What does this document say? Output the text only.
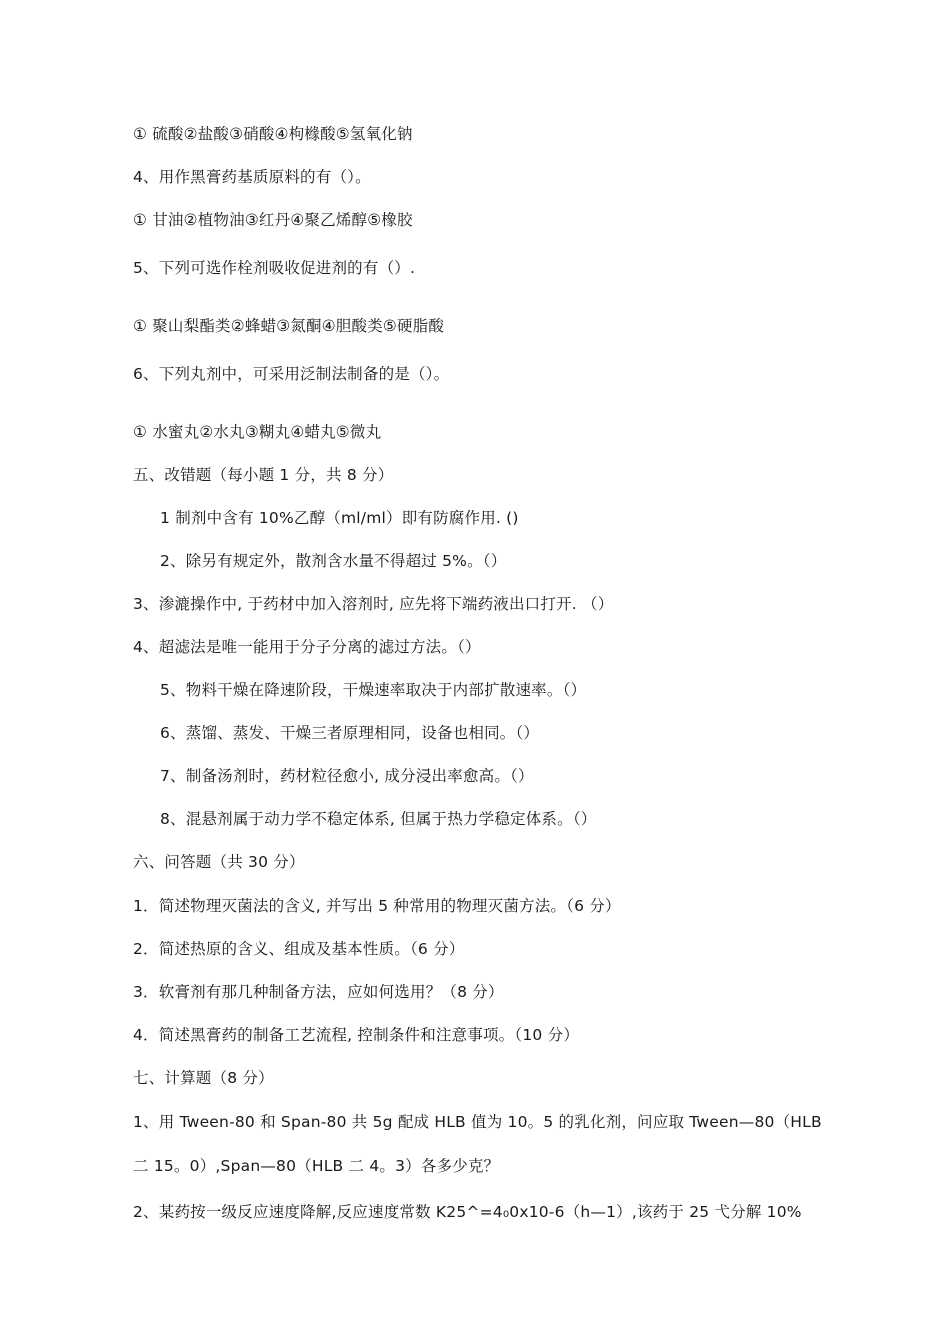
① 硫酸②盐酸③硝酸④枸橼酸⑤氢氧化钠
4、用作黑膏药基质原料的有（）。
① 甘油②植物油③红丹④聚乙烯醇⑤橡胶
5、下列可选作栓剂吸收促进剂的有（）.
① 聚山梨酯类②蜂蜡③氮酮④胆酸类⑤硬脂酸
6、下列丸剂中，可采用泛制法制备的是（）。
① 水蜜丸②水丸③糊丸④蜡丸⑤微丸
五、改错题（每小题 1 分，共 8 分）
1 制剂中含有 10%乙醇（ml/ml）即有防腐作用. ()
2、除另有规定外，散剂含水量不得超过 5%。（）
3、渗漉操作中, 于药材中加入溶剂时, 应先将下端药液出口打开. （）
4、超滤法是唯一能用于分子分离的滤过方法。（）
5、物料干燥在降速阶段，干燥速率取决于内部扩散速率。（）
6、蒸馏、蒸发、干燥三者原理相同，设备也相同。（）
7、制备汤剂时，药材粒径愈小, 成分浸出率愈高。（）
8、混悬剂属于动力学不稳定体系, 但属于热力学稳定体系。（）
六、问答题（共 30 分）
1．简述物理灭菌法的含义, 并写出 5 种常用的物理灭菌方法。（6 分）
2．简述热原的含义、组成及基本性质。（6 分）
3．软膏剂有那几种制备方法，应如何选用？（8 分）
4．简述黑膏药的制备工艺流程, 控制条件和注意事项。（10 分）
七、计算题（8 分）
1、用 Tween-80 和 Span-80 共 5g 配成 HLB 值为 10。5 的乳化剂，问应取 Tween—80（HLB
二 15。0）,Span—80（HLB 二 4。3）各多少克？
2、某药按一级反应速度降解,反应速度常数 K25^=4₀0x10-6（h—1）,该药于 25 弋分解 10%
